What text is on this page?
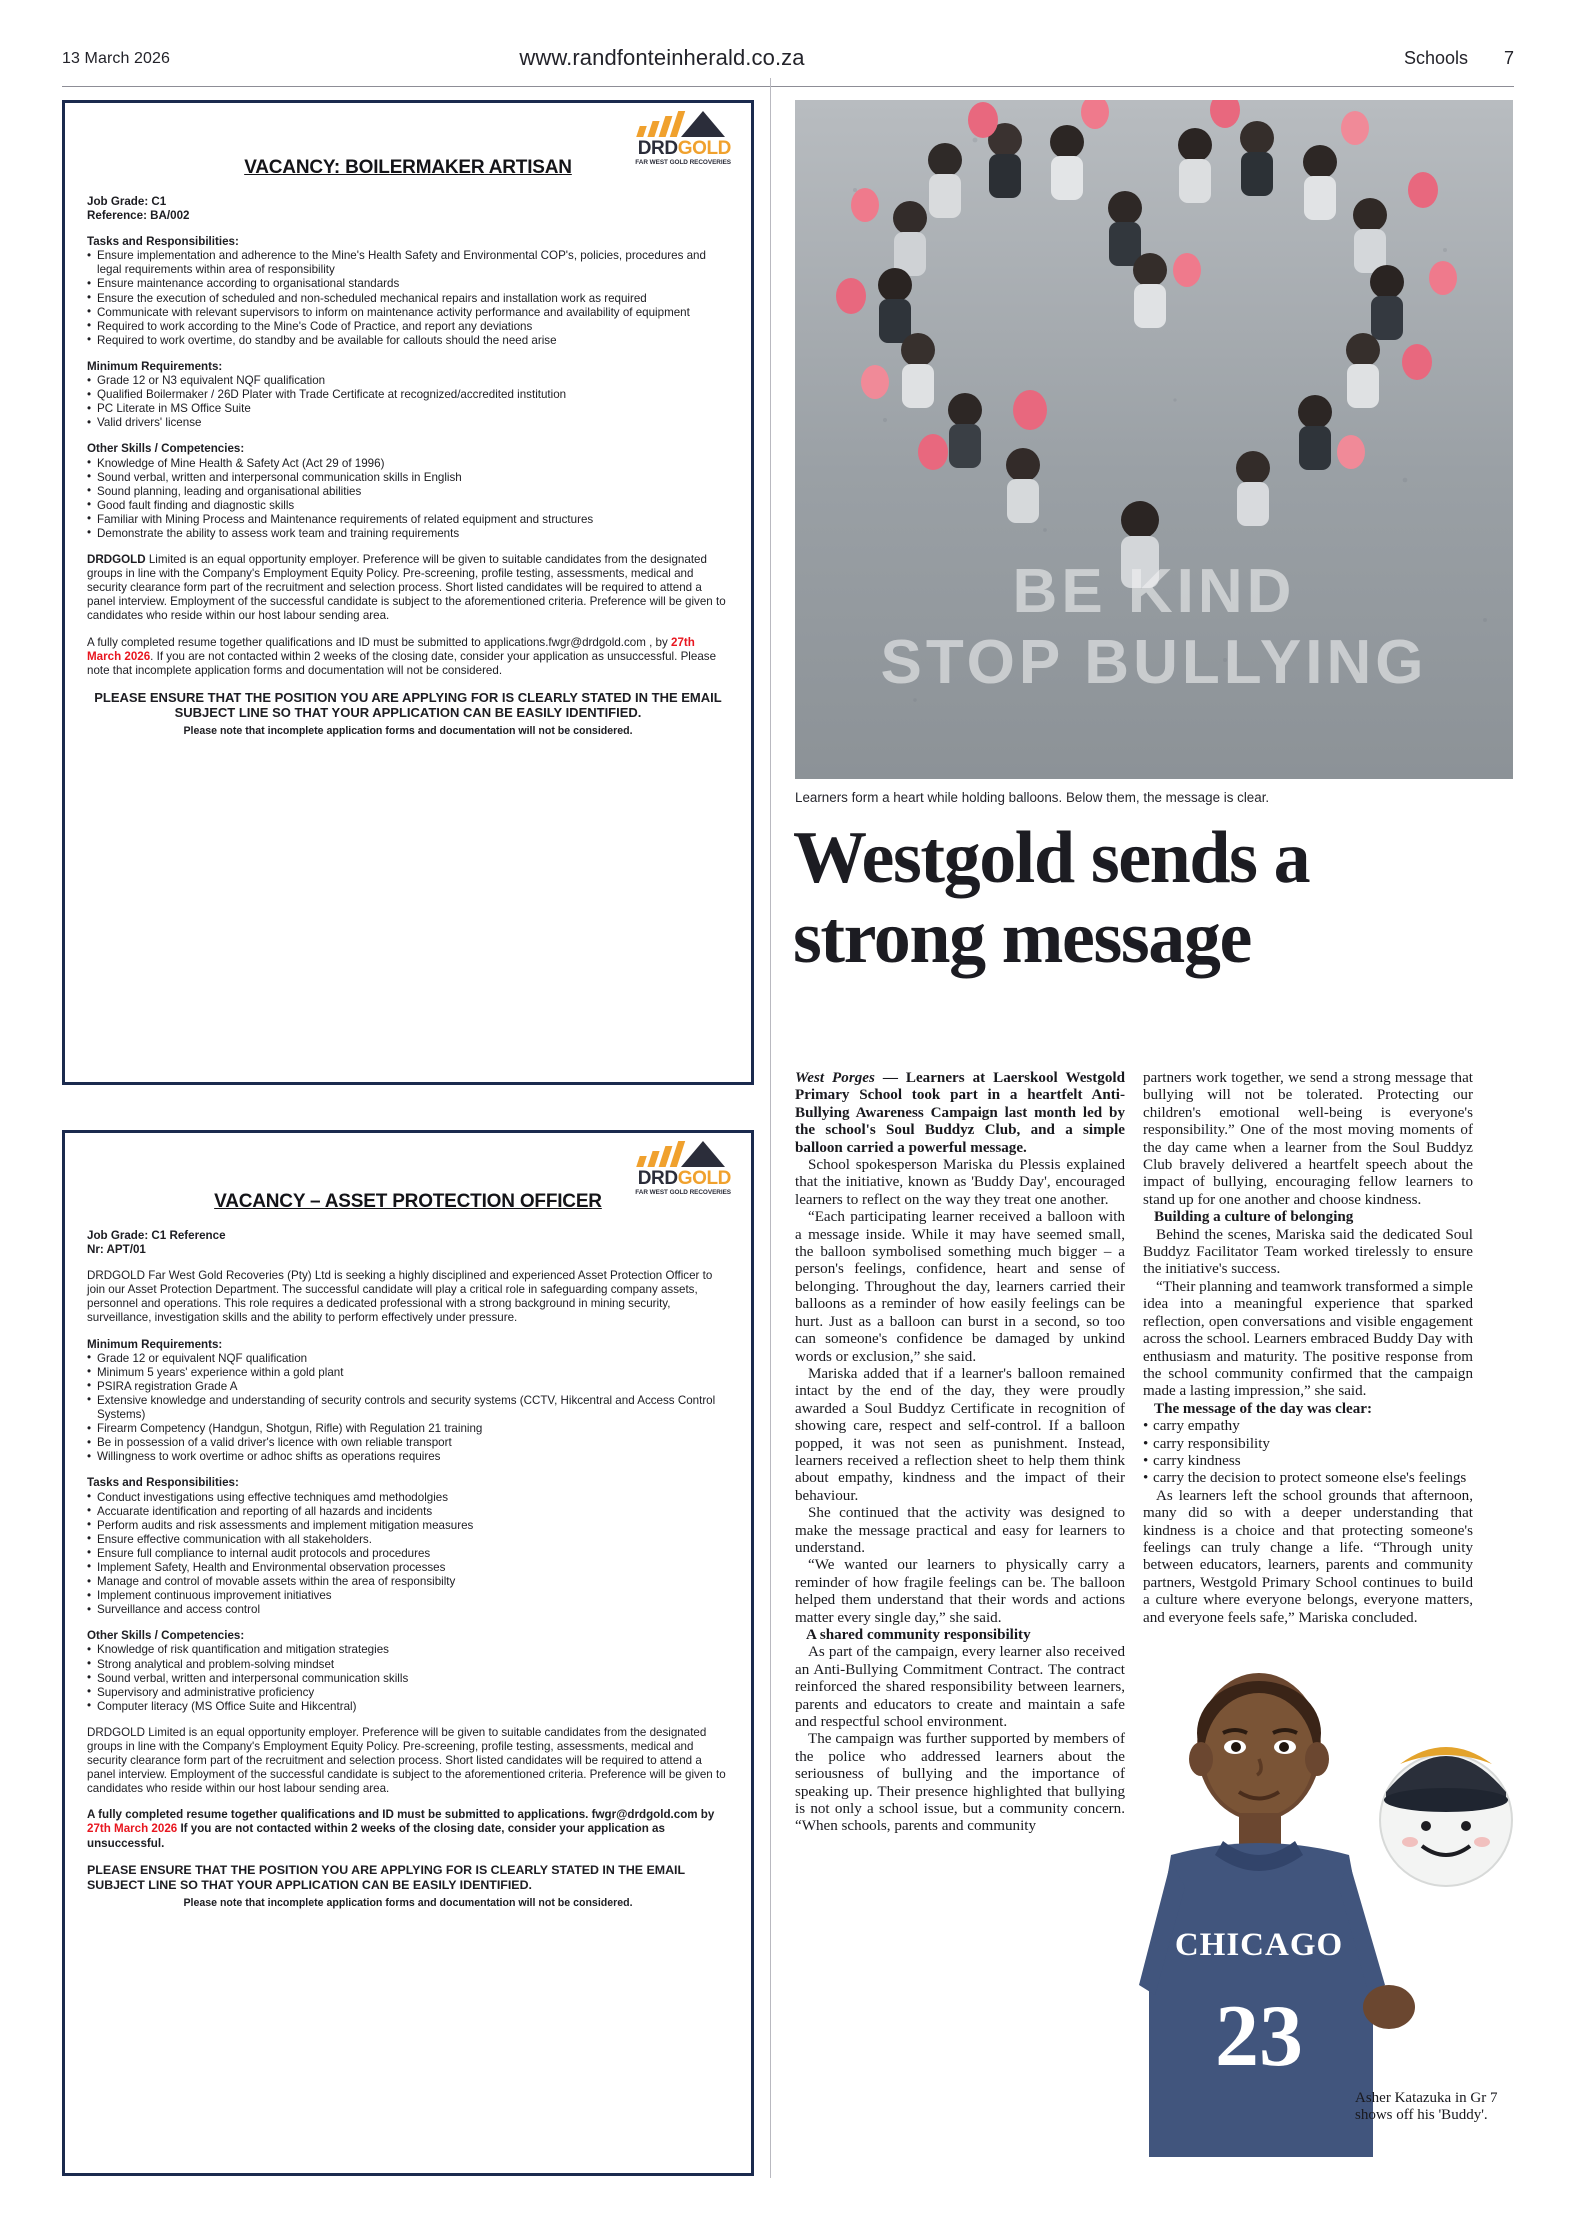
13 March 2026	www.randfonteinherald.co.za	Schools 7
DRDGOLD
FAR WEST GOLD RECOVERIES
VACANCY: BOILERMAKER ARTISAN
Job Grade: C1
Reference: BA/002
Tasks and Responsibilities:
• Ensure implementation and adherence to the Mine's Health Safety and Environmental COP's, policies, procedures and legal requirements within area of responsibility
• Ensure maintenance according to organisational standards
• Ensure the execution of scheduled and non-scheduled mechanical repairs and installation work as required
• Communicate with relevant supervisors to inform on maintenance activity performance and availability of equipment
• Required to work according to the Mine's Code of Practice, and report any deviations
• Required to work overtime, do standby and be available for callouts should the need arise
Minimum Requirements:
• Grade 12 or N3 equivalent NQF qualification
• Qualified Boilermaker / 26D Plater with Trade Certificate at recognized/accredited institution
• PC Literate in MS Office Suite
• Valid drivers' license
Other Skills / Competencies:
• Knowledge of Mine Health & Safety Act (Act 29 of 1996)
• Sound verbal, written and interpersonal communication skills in English
• Sound planning, leading and organisational abilities
• Good fault finding and diagnostic skills
• Familiar with Mining Process and Maintenance requirements of related equipment and structures
• Demonstrate the ability to assess work team and training requirements
DRDGOLD Limited is an equal opportunity employer. Preference will be given to suitable candidates from the designated groups in line with the Company's Employment Equity Policy. Pre-screening, profile testing, assessments, medical and security clearance form part of the recruitment and selection process. Short listed candidates will be required to attend a panel interview. Employment of the successful candidate is subject to the aforementioned criteria. Preference will be given to candidates who reside within our host labour sending area.
A fully completed resume together qualifications and ID must be submitted to applications.fwgr@drdgold.com , by 27th March 2026. If you are not contacted within 2 weeks of the closing date, consider your application as unsuccessful. Please note that incomplete application forms and documentation will not be considered.
PLEASE ENSURE THAT THE POSITION YOU ARE APPLYING FOR IS CLEARLY STATED IN THE EMAIL SUBJECT LINE SO THAT YOUR APPLICATION CAN BE EASILY IDENTIFIED.
Please note that incomplete application forms and documentation will not be considered.
DRDGOLD
FAR WEST GOLD RECOVERIES
VACANCY – ASSET PROTECTION OFFICER
Job Grade: C1 Reference
Nr: APT/01
DRDGOLD Far West Gold Recoveries (Pty) Ltd is seeking a highly disciplined and experienced Asset Protection Officer to join our Asset Protection Department. The successful candidate will play a critical role in safeguarding company assets, personnel and operations. This role requires a dedicated professional with a strong background in mining security, surveillance, investigation skills and the ability to perform effectively under pressure.
Minimum Requirements:
• Grade 12 or equivalent NQF qualification
• Minimum 5 years' experience within a gold plant
• PSIRA registration Grade A
• Extensive knowledge and understanding of security controls and security systems (CCTV, Hikcentral and Access Control Systems)
• Firearm Competency (Handgun, Shotgun, Rifle) with Regulation 21 training
• Be in possession of a valid driver's licence with own reliable transport
• Willingness to work overtime or adhoc shifts as operations requires
Tasks and Responsibilities:
• Conduct investigations using effective techniques amd methodolgies
• Accuarate identification and reporting of all hazards and incidents
• Perform audits and risk assessments and implement mitigation measures
• Ensure effective communication with all stakeholders.
• Ensure full compliance to internal audit protocols and procedures
• Implement Safety, Health and Environmental observation processes
• Manage and control of movable assets within the area of responsibilty
• Implement continuous improvement initiatives
• Surveillance and access control
Other Skills / Competencies:
• Knowledge of risk quantification and mitigation strategies
• Strong analytical and problem-solving mindset
• Sound verbal, written and interpersonal communication skills
• Supervisory and administrative proficiency
• Computer literacy (MS Office Suite and Hikcentral)
DRDGOLD Limited is an equal opportunity employer. Preference will be given to suitable candidates from the designated groups in line with the Company's Employment Equity Policy. Pre-screening, profile testing, assessments, medical and security clearance form part of the recruitment and selection process. Short listed candidates will be required to attend a panel interview. Employment of the successful candidate is subject to the aforementioned criteria. Preference will be given to candidates who reside within our host labour sending area.
A fully completed resume together qualifications and ID must be submitted to applications. fwgr@drdgold.com by 27th March 2026 If you are not contacted within 2 weeks of the closing date, consider your application as unsuccessful.
PLEASE ENSURE THAT THE POSITION YOU ARE APPLYING FOR IS CLEARLY STATED IN THE EMAIL SUBJECT LINE SO THAT YOUR APPLICATION CAN BE EASILY IDENTIFIED.
Please note that incomplete application forms and documentation will not be considered.
BE KIND
STOP BULLYING
Learners form a heart while holding balloons. Below them, the message is clear.
Westgold sends a strong message

West Porges — Learners at Laerskool Westgold Primary School took part in a heartfelt Anti-Bullying Awareness Campaign last month led by the school's Soul Buddyz Club, and a simple balloon carried a powerful message.

School spokesperson Mariska du Plessis explained that the initiative, known as 'Buddy Day', encouraged learners to reflect on the way they treat one another.

“Each participating learner received a balloon with a message inside. While it may have seemed small, the balloon symbolised something much bigger – a person's feelings, confidence, heart and sense of belonging. Throughout the day, learners carried their balloons as a reminder of how easily feelings can be hurt. Just as a balloon can burst in a second, so too can someone's confidence be damaged by unkind words or exclusion,” she said.

Mariska added that if a learner's balloon remained intact by the end of the day, they were proudly awarded a Soul Buddyz Certificate in recognition of showing care, respect and self-control. If a balloon popped, it was not seen as punishment. Instead, learners received a reflection sheet to help them think about empathy, kindness and the impact of their behaviour.

She continued that the activity was designed to make the message practical and easy for learners to understand.

“We wanted our learners to physically carry a reminder of how fragile feelings can be. The balloon helped them understand that their words and actions matter every single day,” she said.

A shared community responsibility

As part of the campaign, every learner also received an Anti-Bullying Commitment Contract. The contract reinforced the shared responsibility between learners, parents and educators to create and maintain a safe and respectful school environment.

The campaign was further supported by members of the police who addressed learners about the seriousness of bullying and the importance of speaking up. Their presence highlighted that bullying is not only a school issue, but a community concern. “When schools, parents and community

partners work together, we send a strong message that bullying will not be tolerated. Protecting our children's emotional well-being is everyone's responsibility.” One of the most moving moments of the day came when a learner from the Soul Buddyz Club bravely delivered a heartfelt speech about the impact of bullying, encouraging fellow learners to stand up for one another and choose kindness.

Building a culture of belonging

Behind the scenes, Mariska said the dedicated Soul Buddyz Facilitator Team worked tirelessly to ensure the initiative's success.

“Their planning and teamwork transformed a simple idea into a meaningful experience that sparked reflection, open conversations and visible engagement across the school. Learners embraced Buddy Day with enthusiasm and maturity. The positive response from the school community confirmed that the campaign made a lasting impression,” she said.

The message of the day was clear:

• carry empathy
• carry responsibility
• carry kindness
• carry the decision to protect someone else's feelings

As learners left the school grounds that afternoon, many did so with a deeper understanding that kindness is a choice and that protecting someone's feelings can truly change a life. “Through unity between educators, learners, parents and community partners, Westgold Primary School continues to build a culture where everyone belongs, everyone matters, and everyone feels safe,” Mariska concluded.

CHICAGO
23
Asher Katazuka in Gr 7 shows off his 'Buddy'.
